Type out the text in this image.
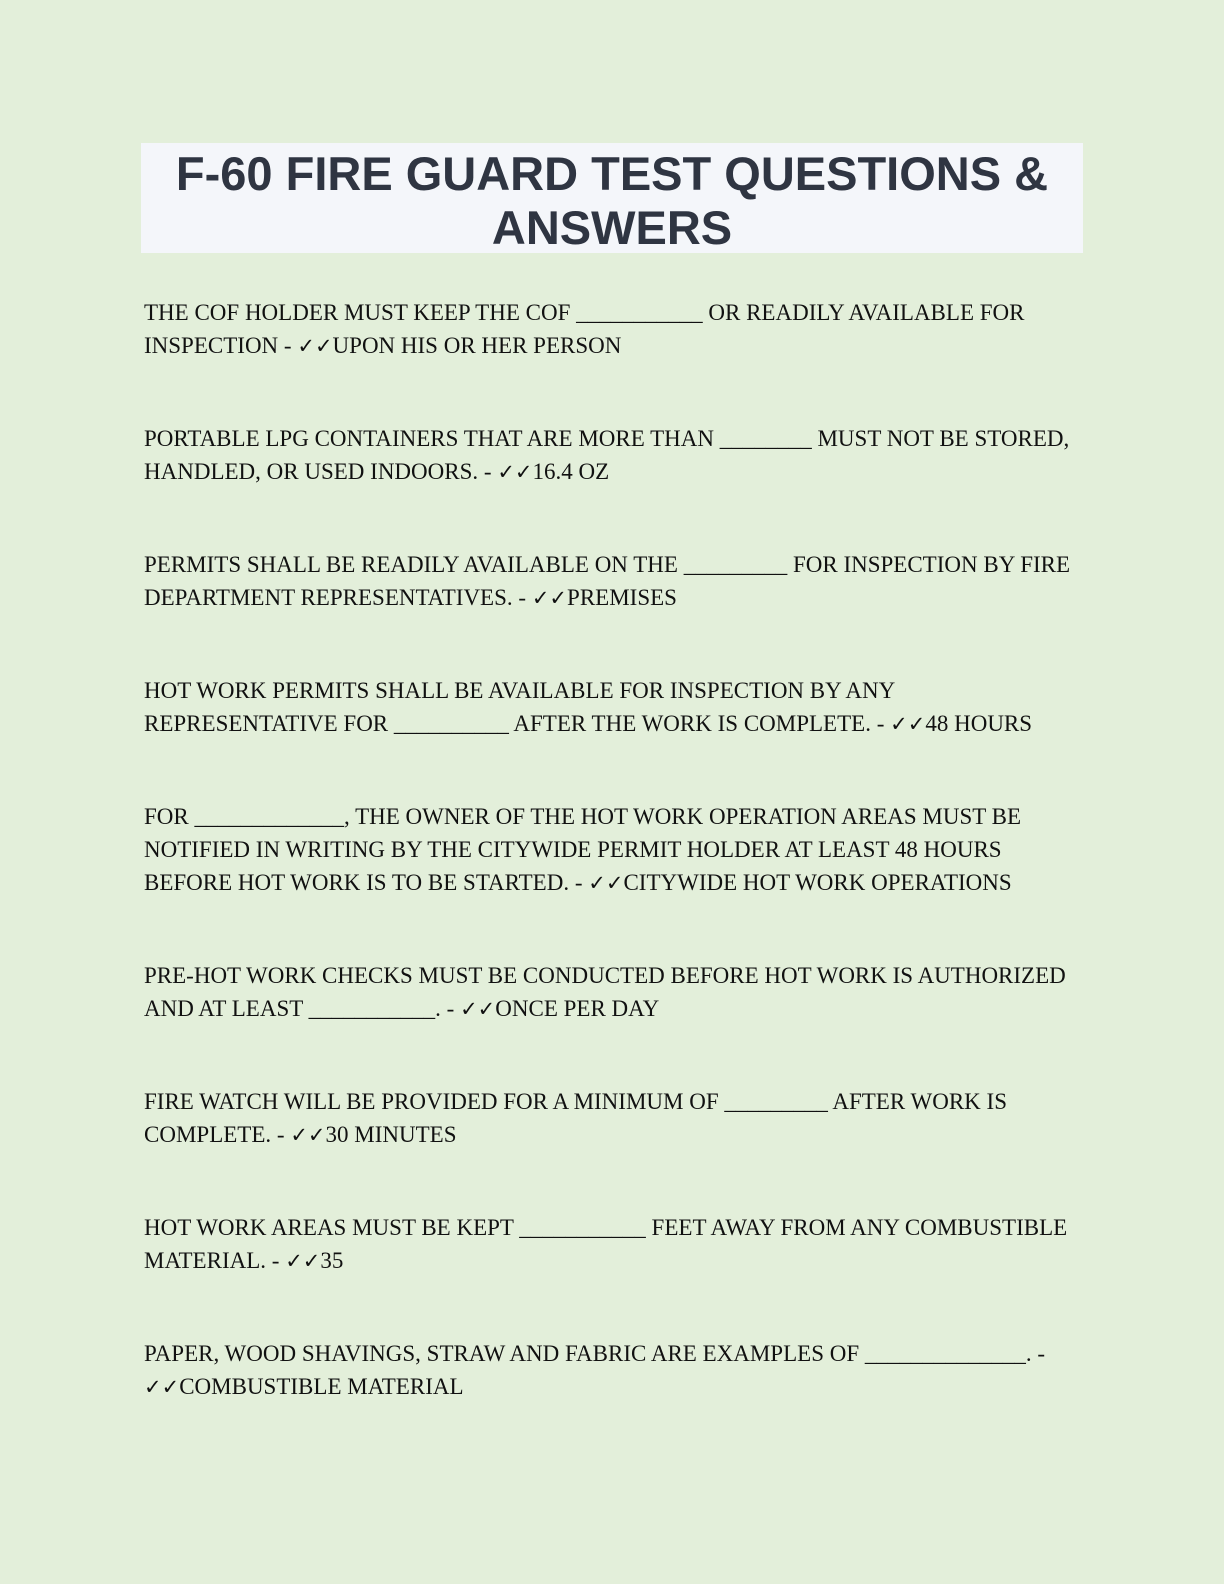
F-60 FIRE GUARD TEST QUESTIONS & ANSWERS

THE COF HOLDER MUST KEEP THE COF ___________ OR READILY AVAILABLE FOR INSPECTION - ✓✓UPON HIS OR HER PERSON

PORTABLE LPG CONTAINERS THAT ARE MORE THAN ________ MUST NOT BE STORED, HANDLED, OR USED INDOORS. - ✓✓16.4 OZ

PERMITS SHALL BE READILY AVAILABLE ON THE _________ FOR INSPECTION BY FIRE DEPARTMENT REPRESENTATIVES. - ✓✓PREMISES

HOT WORK PERMITS SHALL BE AVAILABLE FOR INSPECTION BY ANY REPRESENTATIVE FOR __________ AFTER THE WORK IS COMPLETE. - ✓✓48 HOURS

FOR _____________, THE OWNER OF THE HOT WORK OPERATION AREAS MUST BE NOTIFIED IN WRITING BY THE CITYWIDE PERMIT HOLDER AT LEAST 48 HOURS BEFORE HOT WORK IS TO BE STARTED. - ✓✓CITYWIDE HOT WORK OPERATIONS

PRE-HOT WORK CHECKS MUST BE CONDUCTED BEFORE HOT WORK IS AUTHORIZED AND AT LEAST ___________. - ✓✓ONCE PER DAY

FIRE WATCH WILL BE PROVIDED FOR A MINIMUM OF _________ AFTER WORK IS COMPLETE. - ✓✓30 MINUTES

HOT WORK AREAS MUST BE KEPT ___________ FEET AWAY FROM ANY COMBUSTIBLE MATERIAL. - ✓✓35

PAPER, WOOD SHAVINGS, STRAW AND FABRIC ARE EXAMPLES OF ______________. - ✓✓COMBUSTIBLE MATERIAL
